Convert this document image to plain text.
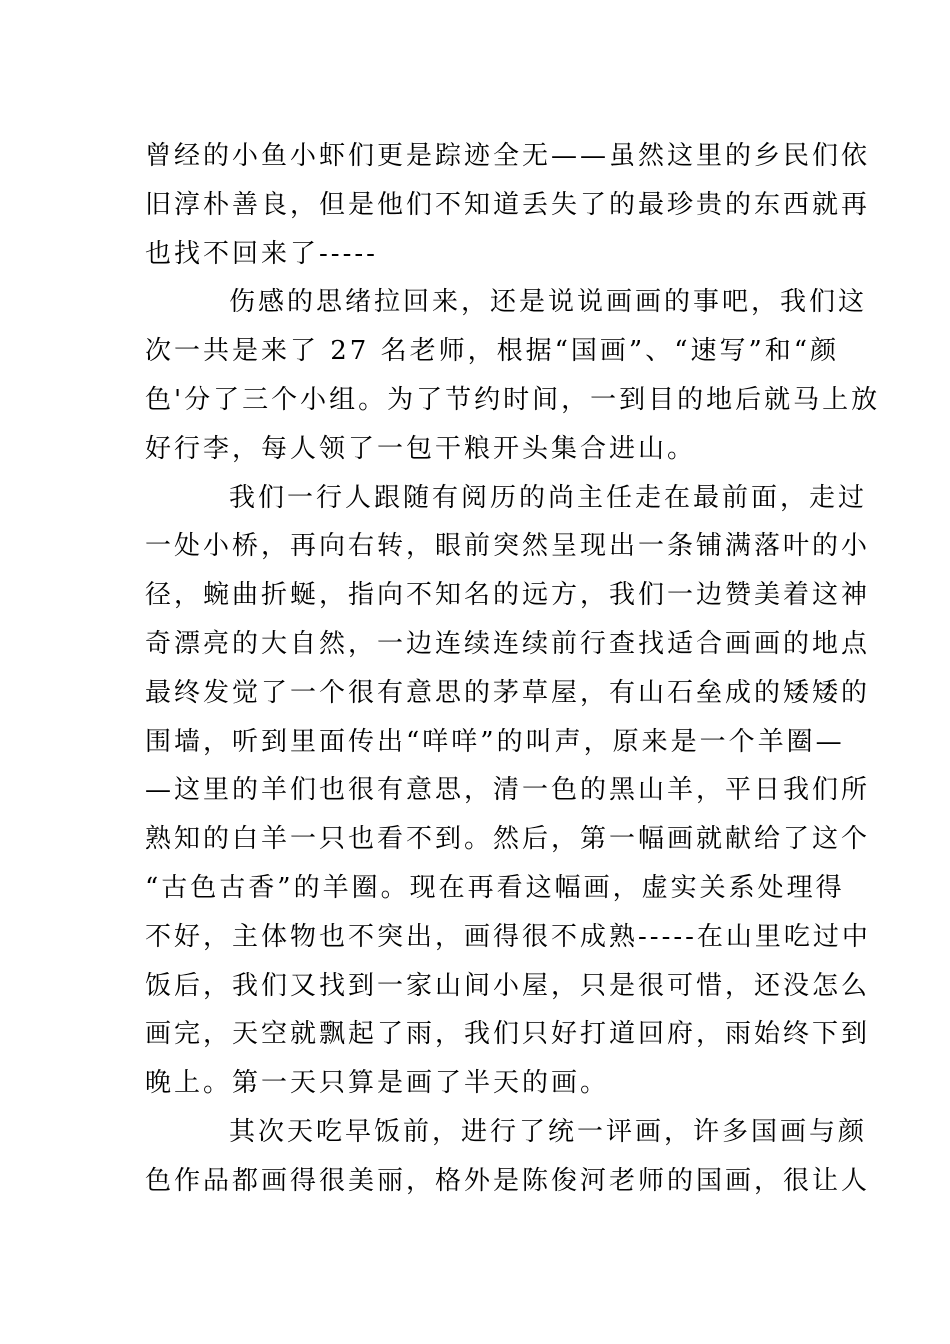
曾经的小鱼小虾们更是踪迹全无——虽然这里的乡民们依
旧淳朴善良，但是他们不知道丢失了的最珍贵的东西就再
也找不回来了-----
伤感的思绪拉回来，还是说说画画的事吧，我们这
次一共是来了 27 名老师，根据“国画”、“速写”和“颜
色'分了三个小组。为了节约时间，一到目的地后就马上放
好行李，每人领了一包干粮开头集合进山。
我们一行人跟随有阅历的尚主任走在最前面，走过
一处小桥，再向右转，眼前突然呈现出一条铺满落叶的小
径，蜿曲折蜒，指向不知名的远方，我们一边赞美着这神
奇漂亮的大自然，一边连续连续前行查找适合画画的地点
最终发觉了一个很有意思的茅草屋，有山石垒成的矮矮的
围墙，听到里面传出“咩咩”的叫声，原来是一个羊圈—
—这里的羊们也很有意思，清一色的黑山羊，平日我们所
熟知的白羊一只也看不到。然后，第一幅画就献给了这个
“古色古香”的羊圈。现在再看这幅画，虚实关系处理得
不好，主体物也不突出，画得很不成熟-----在山里吃过中
饭后，我们又找到一家山间小屋，只是很可惜，还没怎么
画完，天空就飘起了雨，我们只好打道回府，雨始终下到
晚上。第一天只算是画了半天的画。
其次天吃早饭前，进行了统一评画，许多国画与颜
色作品都画得很美丽，格外是陈俊河老师的国画，很让人
